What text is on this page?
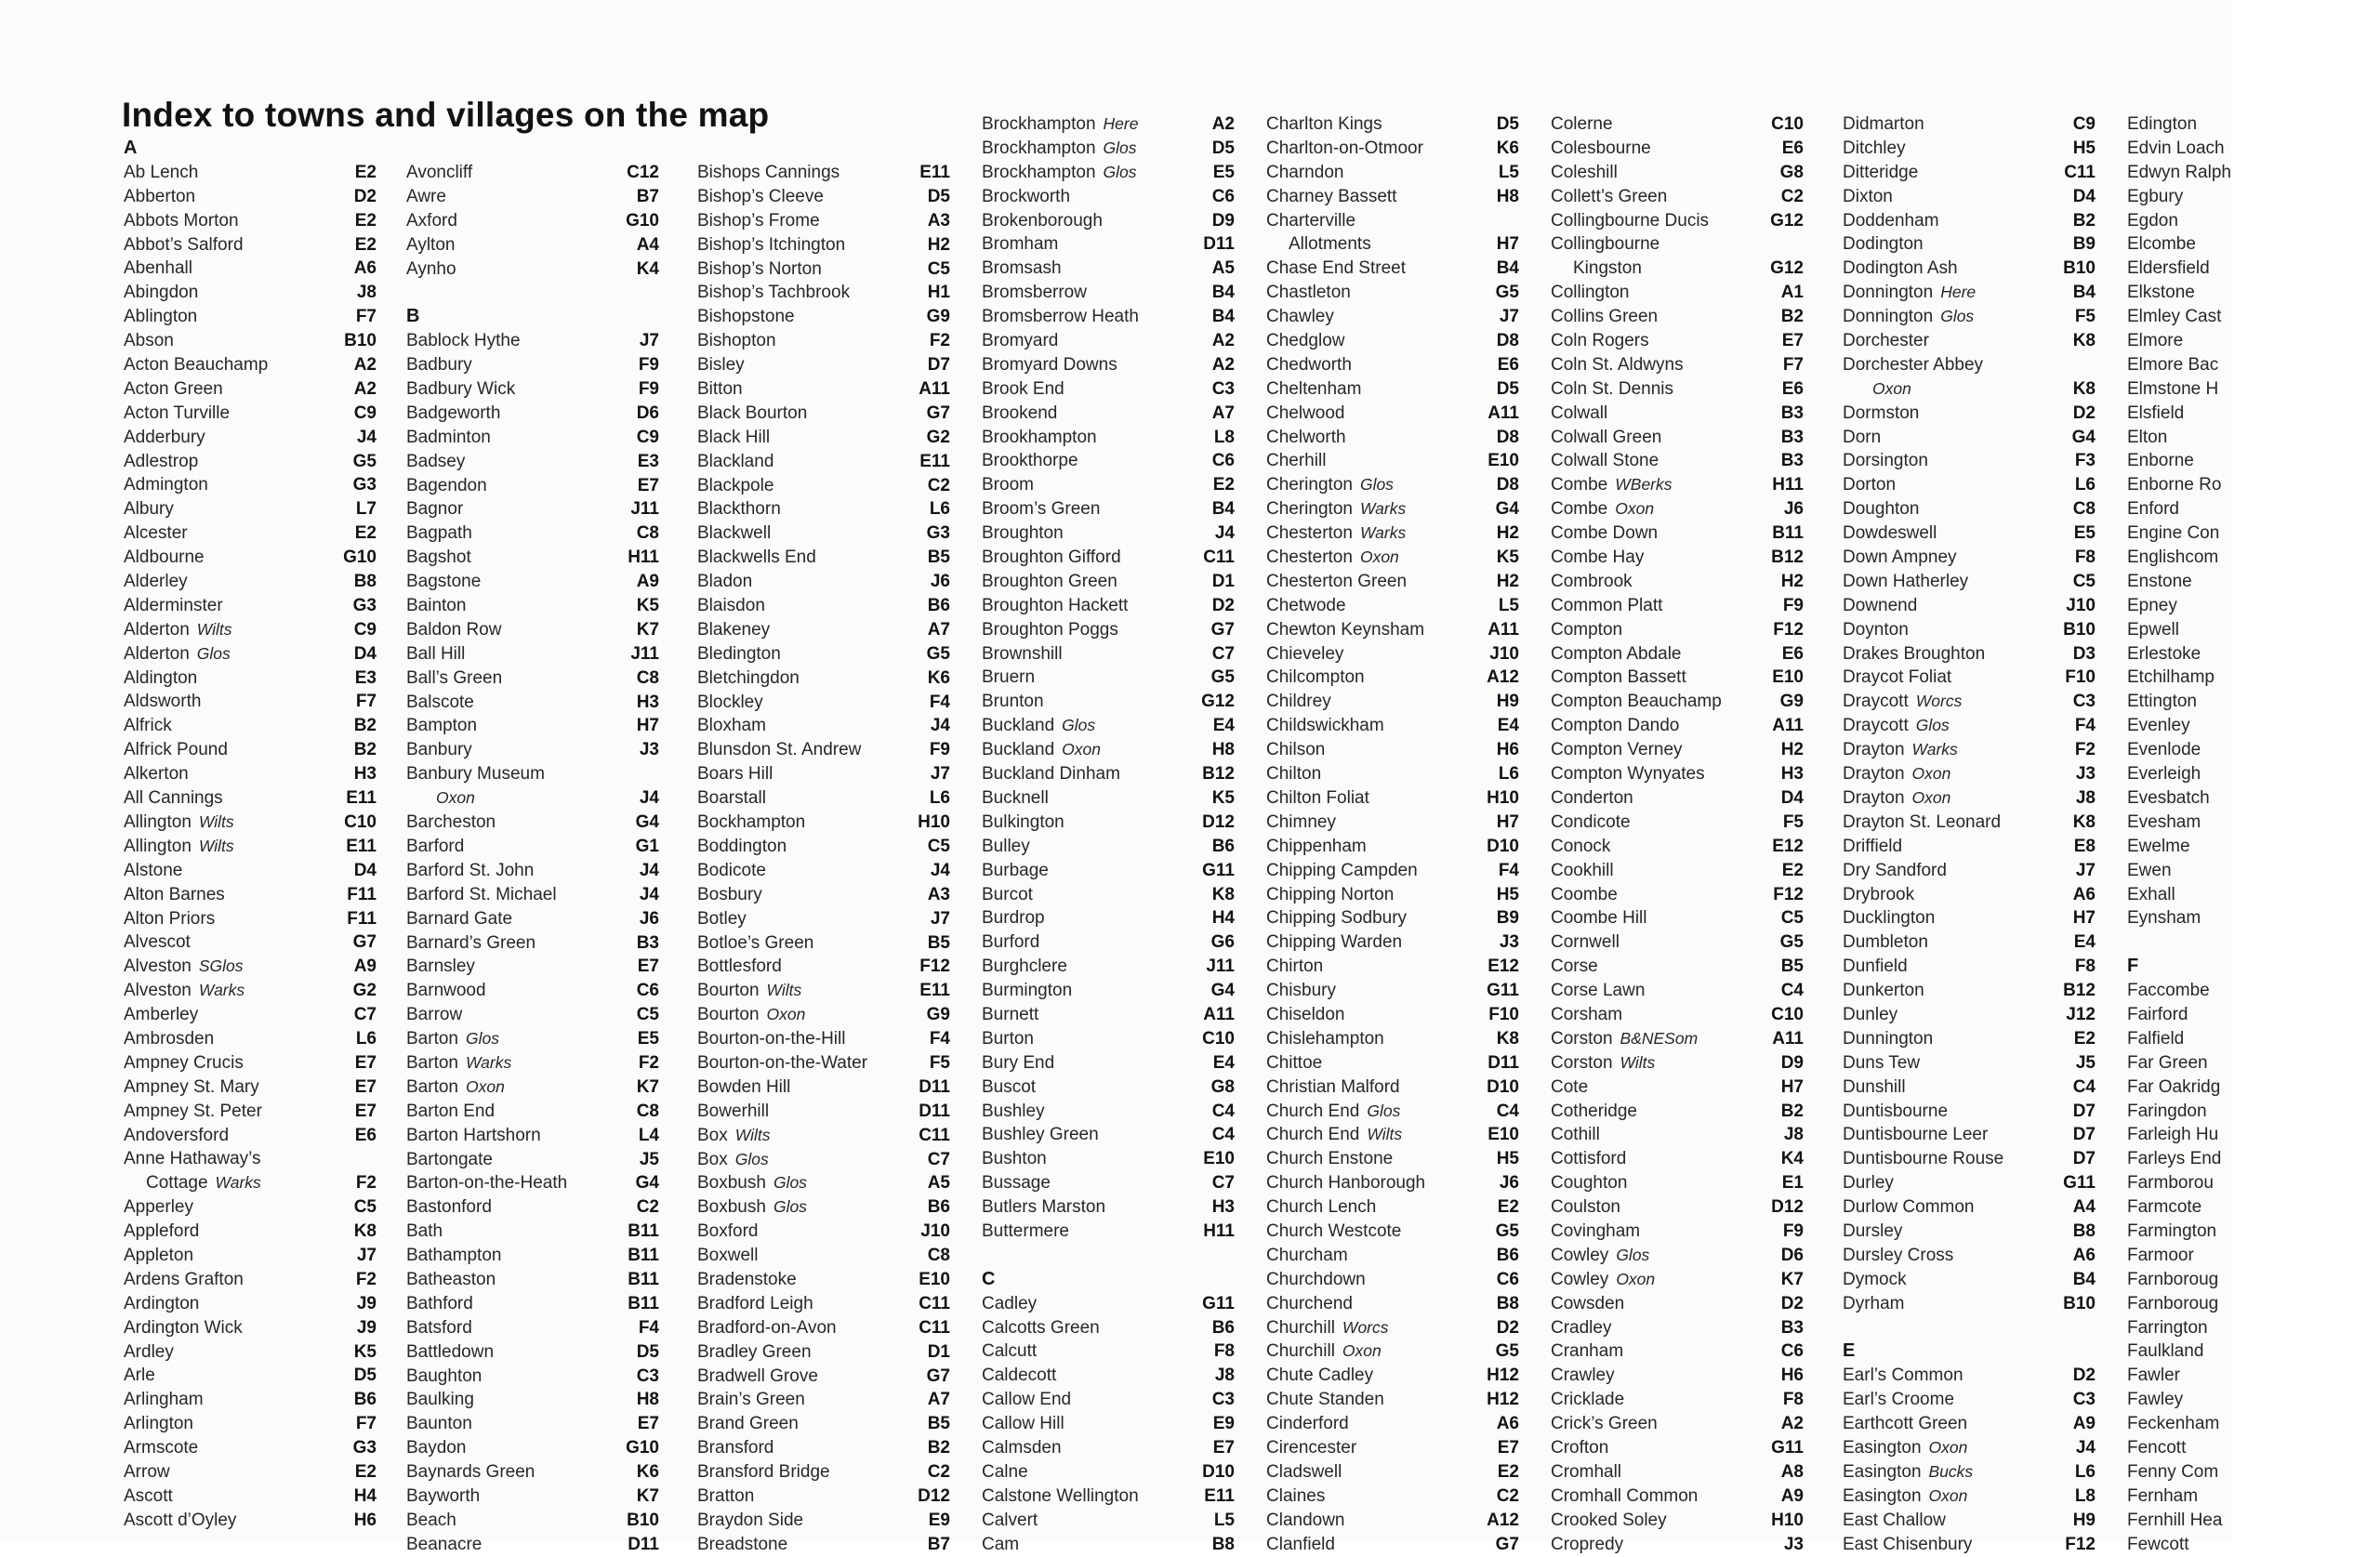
Index to towns and villages on the map
A
Ab Lench	E2
Abberton	D2
Abbots Morton	E2
Abbot’s Salford	E2
Abenhall	A6
Abingdon	J8
Ablington	F7
Abson	B10
Acton Beauchamp	A2
Acton Green	A2
Acton Turville	C9
Adderbury	J4
Adlestrop	G5
Admington	G3
Albury	L7
Alcester	E2
Aldbourne	G10
Alderley	B8
Alderminster	G3
Alderton Wilts	C9
Alderton Glos	D4
Aldington	E3
Aldsworth	F7
Alfrick	B2
Alfrick Pound	B2
Alkerton	H3
All Cannings	E11
Allington Wilts	C10
Allington Wilts	E11
Alstone	D4
Alton Barnes	F11
Alton Priors	F11
Alvescot	G7
Alveston SGlos	A9
Alveston Warks	G2
Amberley	C7
Ambrosden	L6
Ampney Crucis	E7
Ampney St. Mary	E7
Ampney St. Peter	E7
Andoversford	E6
Anne Hathaway’s
Cottage Warks	F2
Apperley	C5
Appleford	K8
Appleton	J7
Ardens Grafton	F2
Ardington	J9
Ardington Wick	J9
Ardley	K5
Arle	D5
Arlingham	B6
Arlington	F7
Armscote	G3
Arrow	E2
Ascott	H4
Ascott d’Oyley	H6
Avoncliff	C12
Awre	B7
Axford	G10
Aylton	A4
Aynho	K4
B
Bablock Hythe	J7
Badbury	F9
Badbury Wick	F9
Badgeworth	D6
Badminton	C9
Badsey	E3
Bagendon	E7
Bagnor	J11
Bagpath	C8
Bagshot	H11
Bagstone	A9
Bainton	K5
Baldon Row	K7
Ball Hill	J11
Ball’s Green	C8
Balscote	H3
Bampton	H7
Banbury	J3
Banbury Museum
Oxon	J4
Barcheston	G4
Barford	G1
Barford St. John	J4
Barford St. Michael	J4
Barnard Gate	J6
Barnard’s Green	B3
Barnsley	E7
Barnwood	C6
Barrow	C5
Barton Glos	E5
Barton Warks	F2
Barton Oxon	K7
Barton End	C8
Barton Hartshorn	L4
Bartongate	J5
Barton-on-the-Heath	G4
Bastonford	C2
Bath	B11
Bathampton	B11
Batheaston	B11
Bathford	B11
Batsford	F4
Battledown	D5
Baughton	C3
Baulking	H8
Baunton	E7
Baydon	G10
Baynards Green	K6
Bayworth	K7
Beach	B10
Beanacre	D11
Bishops Cannings	E11
Bishop’s Cleeve	D5
Bishop’s Frome	A3
Bishop’s Itchington	H2
Bishop’s Norton	C5
Bishop’s Tachbrook	H1
Bishopstone	G9
Bishopton	F2
Bisley	D7
Bitton	A11
Black Bourton	G7
Black Hill	G2
Blackland	E11
Blackpole	C2
Blackthorn	L6
Blackwell	G3
Blackwells End	B5
Bladon	J6
Blaisdon	B6
Blakeney	A7
Bledington	G5
Bletchingdon	K6
Blockley	F4
Bloxham	J4
Blunsdon St. Andrew	F9
Boars Hill	J7
Boarstall	L6
Bockhampton	H10
Boddington	C5
Bodicote	J4
Bosbury	A3
Botley	J7
Botloe’s Green	B5
Bottlesford	F12
Bourton Wilts	E11
Bourton Oxon	G9
Bourton-on-the-Hill	F4
Bourton-on-the-Water	F5
Bowden Hill	D11
Bowerhill	D11
Box Wilts	C11
Box Glos	C7
Boxbush Glos	A5
Boxbush Glos	B6
Boxford	J10
Boxwell	C8
Bradenstoke	E10
Bradford Leigh	C11
Bradford-on-Avon	C11
Bradley Green	D1
Bradwell Grove	G7
Brain’s Green	A7
Brand Green	B5
Bransford	B2
Bransford Bridge	C2
Bratton	D12
Braydon Side	E9
Breadstone	B7
Brockhampton Here	A2
Brockhampton Glos	D5
Brockhampton Glos	E5
Brockworth	C6
Brokenborough	D9
Bromham	D11
Bromsash	A5
Bromsberrow	B4
Bromsberrow Heath	B4
Bromyard	A2
Bromyard Downs	A2
Brook End	C3
Brookend	A7
Brookhampton	L8
Brookthorpe	C6
Broom	E2
Broom’s Green	B4
Broughton	J4
Broughton Gifford	C11
Broughton Green	D1
Broughton Hackett	D2
Broughton Poggs	G7
Brownshill	C7
Bruern	G5
Brunton	G12
Buckland Glos	E4
Buckland Oxon	H8
Buckland Dinham	B12
Bucknell	K5
Bulkington	D12
Bulley	B6
Burbage	G11
Burcot	K8
Burdrop	H4
Burford	G6
Burghclere	J11
Burmington	G4
Burnett	A11
Burton	C10
Bury End	E4
Buscot	G8
Bushley	C4
Bushley Green	C4
Bushton	E10
Bussage	C7
Butlers Marston	H3
Buttermere	H11
C
Cadley	G11
Calcotts Green	B6
Calcutt	F8
Caldecott	J8
Callow End	C3
Callow Hill	E9
Calmsden	E7
Calne	D10
Calstone Wellington	E11
Calvert	L5
Cam	B8
Charlton Kings	D5
Charlton-on-Otmoor	K6
Charndon	L5
Charney Bassett	H8
Charterville
Allotments	H7
Chase End Street	B4
Chastleton	G5
Chawley	J7
Chedglow	D8
Chedworth	E6
Cheltenham	D5
Chelwood	A11
Chelworth	D8
Cherhill	E10
Cherington Glos	D8
Cherington Warks	G4
Chesterton Warks	H2
Chesterton Oxon	K5
Chesterton Green	H2
Chetwode	L5
Chewton Keynsham	A11
Chieveley	J10
Chilcompton	A12
Childrey	H9
Childswickham	E4
Chilson	H6
Chilton	L6
Chilton Foliat	H10
Chimney	H7
Chippenham	D10
Chipping Campden	F4
Chipping Norton	H5
Chipping Sodbury	B9
Chipping Warden	J3
Chirton	E12
Chisbury	G11
Chiseldon	F10
Chislehampton	K8
Chittoe	D11
Christian Malford	D10
Church End Glos	C4
Church End Wilts	E10
Church Enstone	H5
Church Hanborough	J6
Church Lench	E2
Church Westcote	G5
Churcham	B6
Churchdown	C6
Churchend	B8
Churchill Worcs	D2
Churchill Oxon	G5
Chute Cadley	H12
Chute Standen	H12
Cinderford	A6
Cirencester	E7
Cladswell	E2
Claines	C2
Clandown	A12
Clanfield	G7
Colerne	C10
Colesbourne	E6
Coleshill	G8
Collett’s Green	C2
Collingbourne Ducis	G12
Collingbourne
Kingston	G12
Collington	A1
Collins Green	B2
Coln Rogers	E7
Coln St. Aldwyns	F7
Coln St. Dennis	E6
Colwall	B3
Colwall Green	B3
Colwall Stone	B3
Combe WBerks	H11
Combe Oxon	J6
Combe Down	B11
Combe Hay	B12
Combrook	H2
Common Platt	F9
Compton	F12
Compton Abdale	E6
Compton Bassett	E10
Compton Beauchamp	G9
Compton Dando	A11
Compton Verney	H2
Compton Wynyates	H3
Conderton	D4
Condicote	F5
Conock	E12
Cookhill	E2
Coombe	F12
Coombe Hill	C5
Cornwell	G5
Corse	B5
Corse Lawn	C4
Corsham	C10
Corston B&NESom	A11
Corston Wilts	D9
Cote	H7
Cotheridge	B2
Cothill	J8
Cottisford	K4
Coughton	E1
Coulston	D12
Covingham	F9
Cowley Glos	D6
Cowley Oxon	K7
Cowsden	D2
Cradley	B3
Cranham	C6
Crawley	H6
Cricklade	F8
Crick’s Green	A2
Crofton	G11
Cromhall	A8
Cromhall Common	A9
Crooked Soley	H10
Cropredy	J3
Didmarton	C9
Ditchley	H5
Ditteridge	C11
Dixton	D4
Doddenham	B2
Dodington	B9
Dodington Ash	B10
Donnington Here	B4
Donnington Glos	F5
Dorchester	K8
Dorchester Abbey
Oxon	K8
Dormston	D2
Dorn	G4
Dorsington	F3
Dorton	L6
Doughton	C8
Dowdeswell	E5
Down Ampney	F8
Down Hatherley	C5
Downend	J10
Doynton	B10
Drakes Broughton	D3
Draycot Foliat	F10
Draycott Worcs	C3
Draycott Glos	F4
Drayton Warks	F2
Drayton Oxon	J3
Drayton Oxon	J8
Drayton St. Leonard	K8
Driffield	E8
Dry Sandford	J7
Drybrook	A6
Ducklington	H7
Dumbleton	E4
Dunfield	F8
Dunkerton	B12
Dunley	J12
Dunnington	E2
Duns Tew	J5
Dunshill	C4
Duntisbourne	D7
Duntisbourne Leer	D7
Duntisbourne Rouse	D7
Durley	G11
Durlow Common	A4
Dursley	B8
Dursley Cross	A6
Dymock	B4
Dyrham	B10
E
Earl’s Common	D2
Earl’s Croome	C3
Earthcott Green	A9
Easington Oxon	J4
Easington Bucks	L6
Easington Oxon	L8
East Challow	H9
East Chisenbury	F12
Edington
Edvin Loach
Edwyn Ralph
Egbury
Egdon
Elcombe
Eldersfield
Elkstone
Elmley Cast
Elmore
Elmore Bac
Elmstone H
Elsfield
Elton
Enborne
Enborne Ro
Enford
Engine Con
Englishcom
Enstone
Epney
Epwell
Erlestoke
Etchilhamp
Ettington
Evenley
Evenlode
Everleigh
Evesbatch
Evesham
Ewelme
Ewen
Exhall
Eynsham
F
Faccombe
Fairford
Falfield
Far Green
Far Oakridg
Faringdon
Farleigh Hu
Farleys End
Farmborou
Farmcote
Farmington
Farmoor
Farnboroug
Farnboroug
Farrington
Faulkland
Fawler
Fawley
Feckenham
Fencott
Fenny Com
Fernham
Fernhill Hea
Fewcott
